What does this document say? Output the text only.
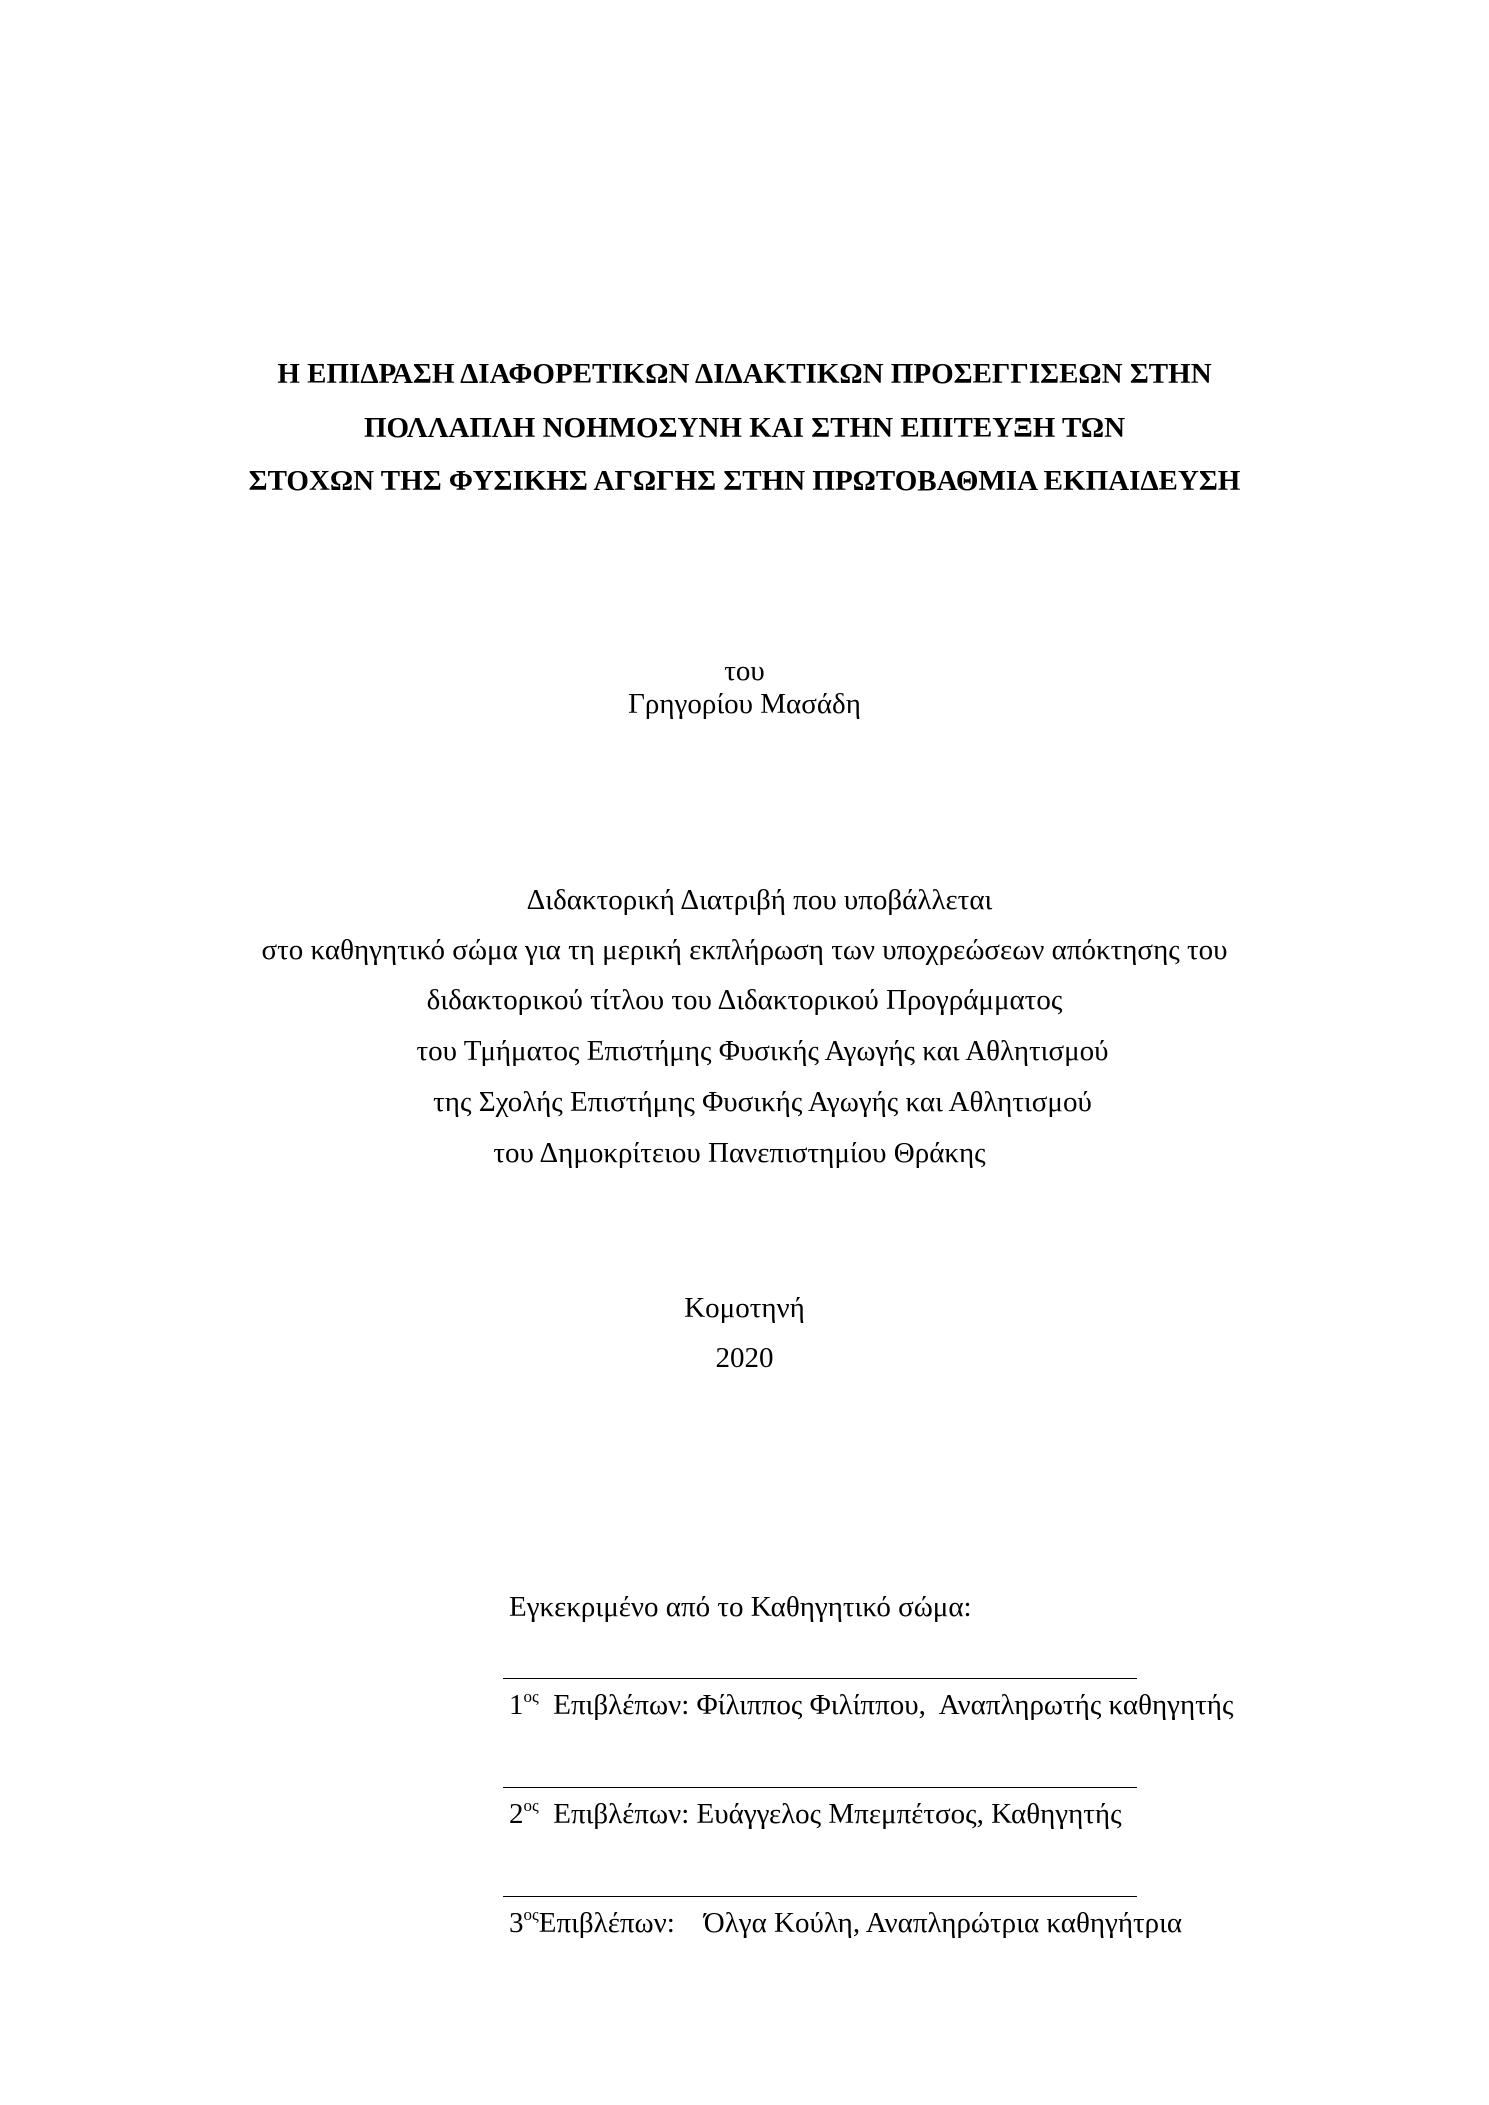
Η ΕΠΙΔΡΑΣΗ ΔΙΑΦΟΡΕΤΙΚΩΝ ΔΙΔΑΚΤΙΚΩΝ ΠΡΟΣΕΓΓΙΣΕΩΝ ΣΤΗΝ
ΠΟΛΛΑΠΛΗ ΝΟΗΜΟΣΥΝΗ ΚΑΙ ΣΤΗΝ ΕΠΙΤΕΥΞΗ ΤΩΝ
ΣΤΟΧΩΝ ΤΗΣ ΦΥΣΙΚΗΣ ΑΓΩΓΗΣ ΣΤΗΝ ΠΡΩΤΟΒΑΘΜΙΑ ΕΚΠΑΙΔΕΥΣΗ
του
Γρηγορίου Μασάδη
Διδακτορική Διατριβή που υποβάλλεται
στο καθηγητικό σώμα για τη μερική εκπλήρωση των υποχρεώσεων απόκτησης του
διδακτορικού τίτλου του Διδακτορικού Προγράμματος
του Τμήματος Επιστήμης Φυσικής Αγωγής και Αθλητισμού
της Σχολής Επιστήμης Φυσικής Αγωγής και Αθλητισμού
του Δημοκρίτειου Πανεπιστημίου Θράκης
Κομοτηνή
2020
Εγκεκριμένο από το Καθηγητικό σώμα:
$1^{o\varsigma}$ Επιβλέπων: Φίλιππος Φιλίππου, Αναπληρωτής καθηγητής
$2^{o\varsigma}$ Επιβλέπων: Ευάγγελος Μπεμπέτσος, Καθηγητής
$3^{o\varsigma}E\pi\iota\beta\lambda έ\pi\omega\nu$: Όλγα Κούλη, Αναπληρώτρια καθηγήτρια
